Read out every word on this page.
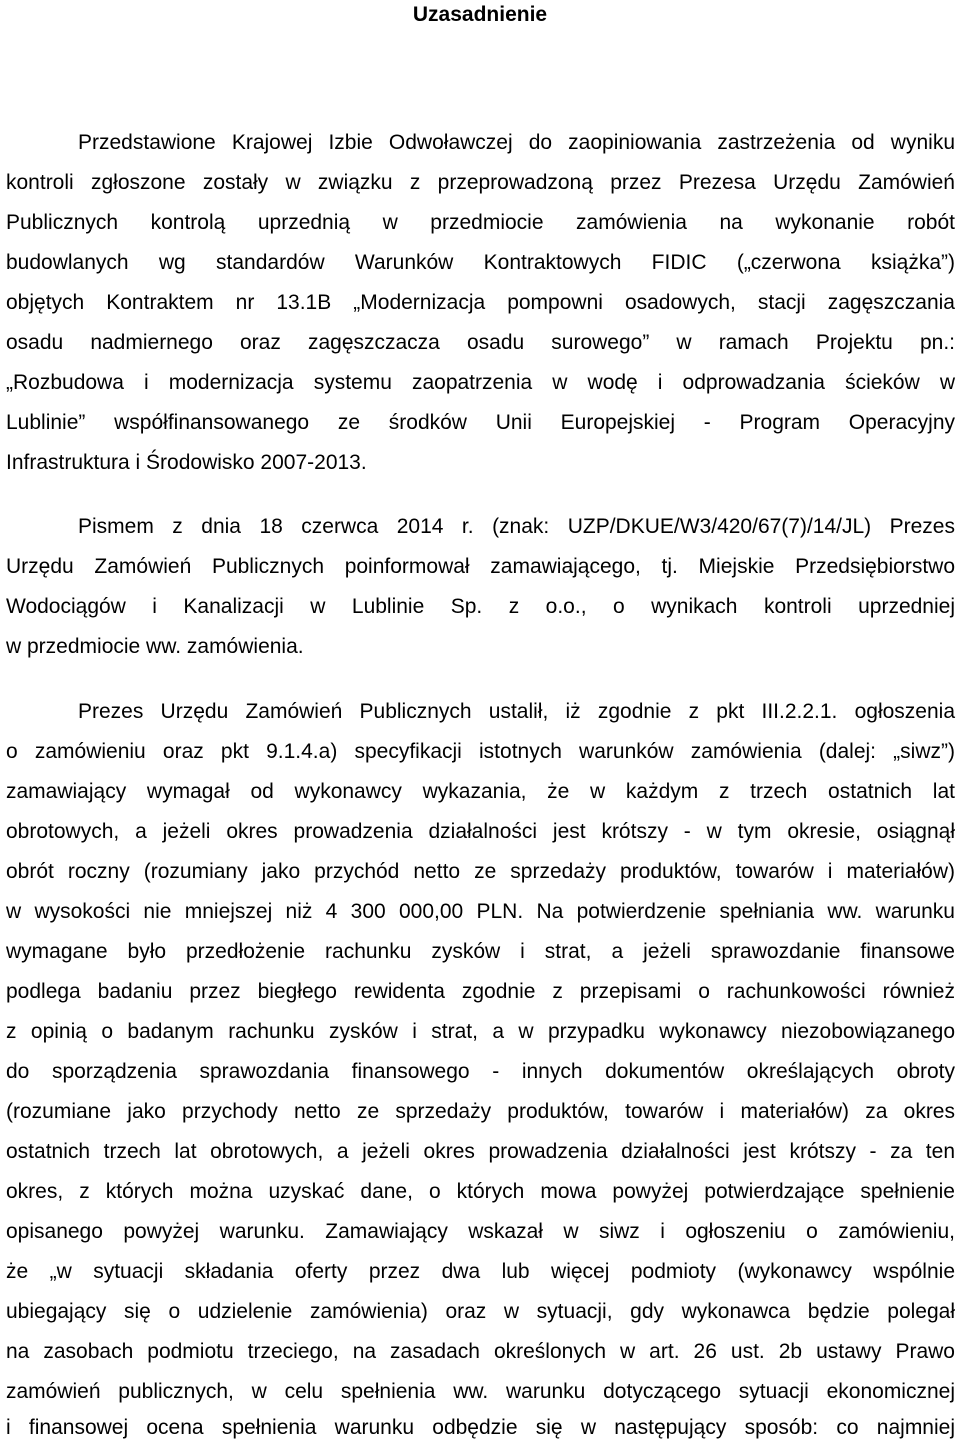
Uzasadnienie
Przedstawione Krajowej Izbie Odwoławczej do zaopiniowania zastrzeżenia od wyniku
kontroli zgłoszone zostały w związku z przeprowadzoną przez Prezesa Urzędu Zamówień
Publicznych kontrolą uprzednią w przedmiocie zamówienia na wykonanie robót
budowlanych wg standardów Warunków Kontraktowych FIDIC („czerwona książka”)
objętych Kontraktem nr 13.1B „Modernizacja pompowni osadowych, stacji zagęszczania
osadu nadmiernego oraz zagęszczacza osadu surowego” w ramach Projektu pn.:
„Rozbudowa i modernizacja systemu zaopatrzenia w wodę i odprowadzania ścieków w
Lublinie” współfinansowanego ze środków Unii Europejskiej - Program Operacyjny
Infrastruktura i Środowisko 2007-2013.
Pismem z dnia 18 czerwca 2014 r. (znak: UZP/DKUE/W3/420/67(7)/14/JL) Prezes
Urzędu Zamówień Publicznych poinformował zamawiającego, tj. Miejskie Przedsiębiorstwo
Wodociągów i Kanalizacji w Lublinie Sp. z o.o., o wynikach kontroli uprzedniej
w przedmiocie ww. zamówienia.
Prezes Urzędu Zamówień Publicznych ustalił, iż zgodnie z pkt III.2.2.1. ogłoszenia
o zamówieniu oraz pkt 9.1.4.a) specyfikacji istotnych warunków zamówienia (dalej: „siwz”)
zamawiający wymagał od wykonawcy wykazania, że w każdym z trzech ostatnich lat
obrotowych, a jeżeli okres prowadzenia działalności jest krótszy - w tym okresie, osiągnął
obrót roczny (rozumiany jako przychód netto ze sprzedaży produktów, towarów i materiałów)
w wysokości nie mniejszej niż 4 300 000,00 PLN. Na potwierdzenie spełniania ww. warunku
wymagane było przedłożenie rachunku zysków i strat, a jeżeli sprawozdanie finansowe
podlega badaniu przez biegłego rewidenta zgodnie z przepisami o rachunkowości również
z opinią o badanym rachunku zysków i strat, a w przypadku wykonawcy niezobowiązanego
do sporządzenia sprawozdania finansowego - innych dokumentów określających obroty
(rozumiane jako przychody netto ze sprzedaży produktów, towarów i materiałów) za okres
ostatnich trzech lat obrotowych, a jeżeli okres prowadzenia działalności jest krótszy - za ten
okres, z których można uzyskać dane, o których mowa powyżej potwierdzające spełnienie
opisanego powyżej warunku. Zamawiający wskazał w siwz i ogłoszeniu o zamówieniu,
że „w sytuacji składania oferty przez dwa lub więcej podmioty (wykonawcy wspólnie
ubiegający się o udzielenie zamówienia) oraz w sytuacji, gdy wykonawca będzie polegał
na zasobach podmiotu trzeciego, na zasadach określonych w art. 26 ust. 2b ustawy Prawo
zamówień publicznych, w celu spełnienia ww. warunku dotyczącego sytuacji ekonomicznej
i finansowej ocena spełnienia warunku odbędzie się w następujący sposób: co najmniej
